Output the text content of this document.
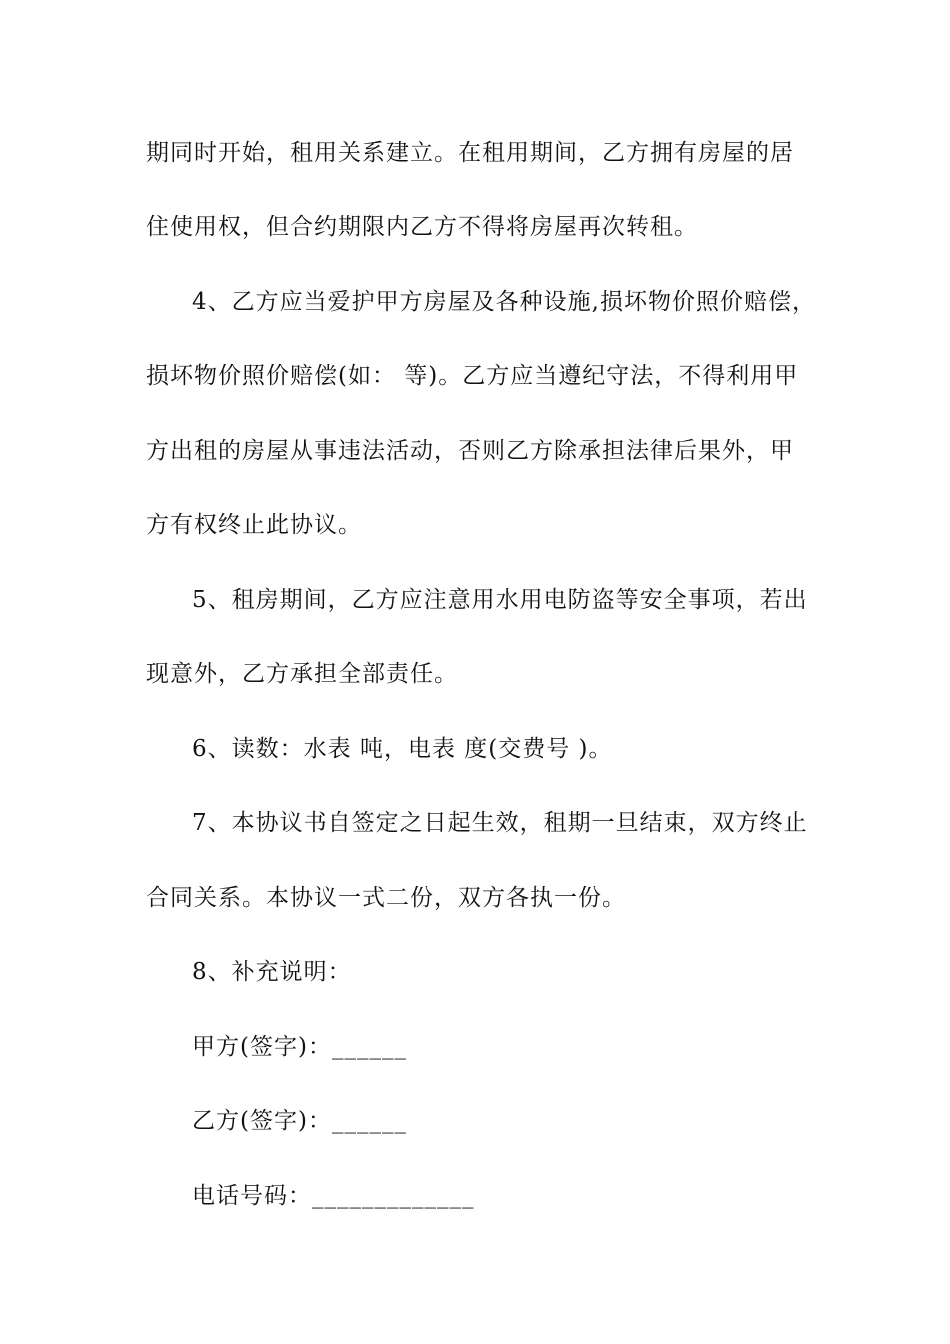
期同时开始，租用关系建立。在租用期间，乙方拥有房屋的居
住使用权，但合约期限内乙方不得将房屋再次转租。
4、乙方应当爱护甲方房屋及各种设施,损坏物价照价赔偿，
损坏物价照价赔偿(如： 等)。乙方应当遵纪守法，不得利用甲
方出租的房屋从事违法活动，否则乙方除承担法律后果外，甲
方有权终止此协议。
5、租房期间，乙方应注意用水用电防盗等安全事项，若出
现意外，乙方承担全部责任。
6、读数：水表 吨，电表 度(交费号 )。
7、本协议书自签定之日起生效，租期一旦结束，双方终止
合同关系。本协议一式二份，双方各执一份。
8、补充说明：
甲方(签字)：______
乙方(签字)：______
电话号码：_____________
